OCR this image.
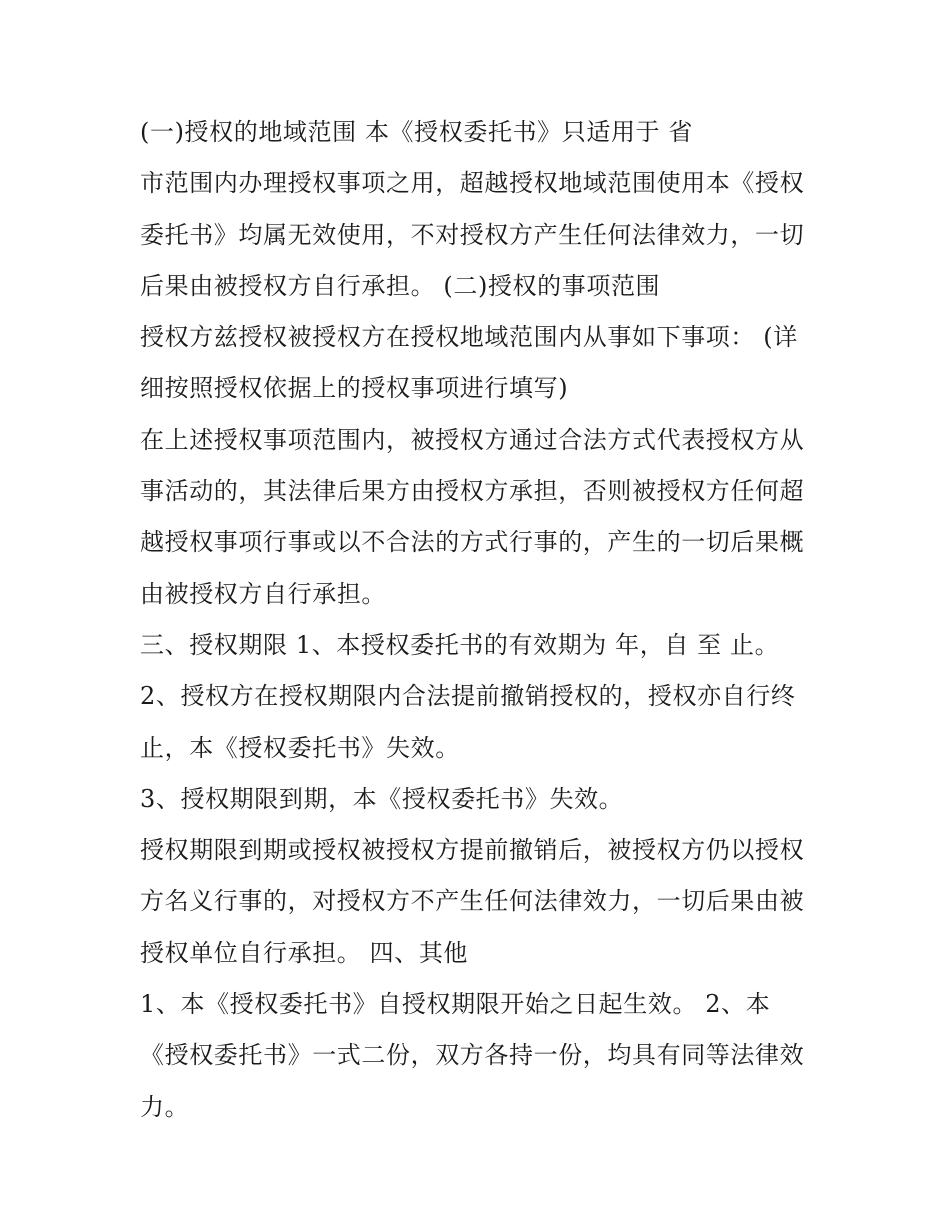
(一)授权的地域范围 本《授权委托书》只适用于 省
市范围内办理授权事项之用，超越授权地域范围使用本《授权
委托书》均属无效使用，不对授权方产生任何法律效力，一切
后果由被授权方自行承担。 (二)授权的事项范围
授权方兹授权被授权方在授权地域范围内从事如下事项： (详
细按照授权依据上的授权事项进行填写)
在上述授权事项范围内，被授权方通过合法方式代表授权方从
事活动的，其法律后果方由授权方承担，否则被授权方任何超
越授权事项行事或以不合法的方式行事的，产生的一切后果概
由被授权方自行承担。
三、授权期限 1、本授权委托书的有效期为 年，自 至 止。
2、授权方在授权期限内合法提前撤销授权的，授权亦自行终
止，本《授权委托书》失效。
3、授权期限到期，本《授权委托书》失效。
授权期限到期或授权被授权方提前撤销后，被授权方仍以授权
方名义行事的，对授权方不产生任何法律效力，一切后果由被
授权单位自行承担。 四、其他
1、本《授权委托书》自授权期限开始之日起生效。 2、本
《授权委托书》一式二份，双方各持一份，均具有同等法律效
力。
